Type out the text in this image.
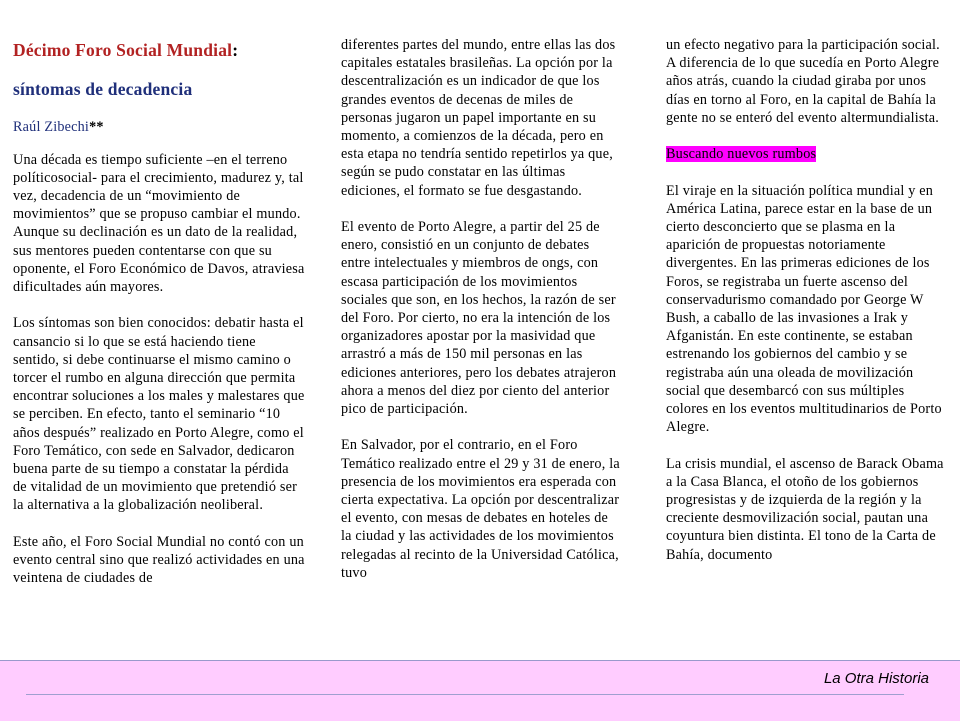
Décimo Foro Social Mundial:

síntomas de decadencia

Raúl Zibechi**

Una década es tiempo suficiente –en el terreno políticosocial- para el crecimiento, madurez y, tal vez, decadencia de un “movimiento de movimientos” que se propuso cambiar el mundo. Aunque su declinación es un dato de la realidad, sus mentores pueden contentarse con que su oponente, el Foro Económico de Davos, atraviesa dificultades aún mayores.

Los síntomas son bien conocidos: debatir hasta el cansancio si lo que se está haciendo tiene sentido, si debe continuarse el mismo camino o torcer el rumbo en alguna dirección que permita encontrar soluciones a los males y malestares que se perciben. En efecto, tanto el seminario “10 años después” realizado en Porto Alegre, como el Foro Temático, con sede en Salvador, dedicaron buena parte de su tiempo a constatar la pérdida de vitalidad de un movimiento que pretendió ser la alternativa a la globalización neoliberal.

Este año, el Foro Social Mundial no contó con un evento central sino que realizó actividades en una veintena de ciudades de

diferentes partes del mundo, entre ellas las dos capitales estatales brasileñas. La opción por la descentralización es un indicador de que los grandes eventos de decenas de miles de personas jugaron un papel importante en su momento, a comienzos de la década, pero en esta etapa no tendría sentido repetirlos ya que, según se pudo constatar en las últimas ediciones, el formato se fue desgastando.

El evento de Porto Alegre, a partir del 25 de enero, consistió en un conjunto de debates entre intelectuales y miembros de ongs, con escasa participación de los movimientos sociales que son, en los hechos, la razón de ser del Foro. Por cierto, no era la intención de los organizadores apostar por la masividad que arrastró a más de 150 mil personas en las ediciones anteriores, pero los debates atrajeron ahora a menos del diez por ciento del anterior pico de participación.

En Salvador, por el contrario, en el Foro Temático realizado entre el 29 y 31 de enero, la presencia de los movimientos era esperada con cierta expectativa. La opción por descentralizar el evento, con mesas de debates en hoteles de la ciudad y las actividades de los movimientos relegadas al recinto de la Universidad Católica, tuvo

un efecto negativo para la participación social. A diferencia de lo que sucedía en Porto Alegre años atrás, cuando la ciudad giraba por unos días en torno al Foro, en la capital de Bahía la gente no se enteró del evento altermundialista.

Buscando nuevos rumbos

El viraje en la situación política mundial y en América Latina, parece estar en la base de un cierto desconcierto que se plasma en la aparición de propuestas notoriamente divergentes. En las primeras ediciones de los Foros, se registraba un fuerte ascenso del conservadurismo comandado por George W Bush, a caballo de las invasiones a Irak y Afganistán. En este continente, se estaban estrenando los gobiernos del cambio y se registraba aún una oleada de movilización social que desembarcó con sus múltiples colores en los eventos multitudinarios de Porto Alegre.

La crisis mundial, el ascenso de Barack Obama a la Casa Blanca, el otoño de los gobiernos progresistas y de izquierda de la región y la creciente desmovilización social, pautan una coyuntura bien distinta. El tono de la Carta de Bahía, documento

La Otra Historia
